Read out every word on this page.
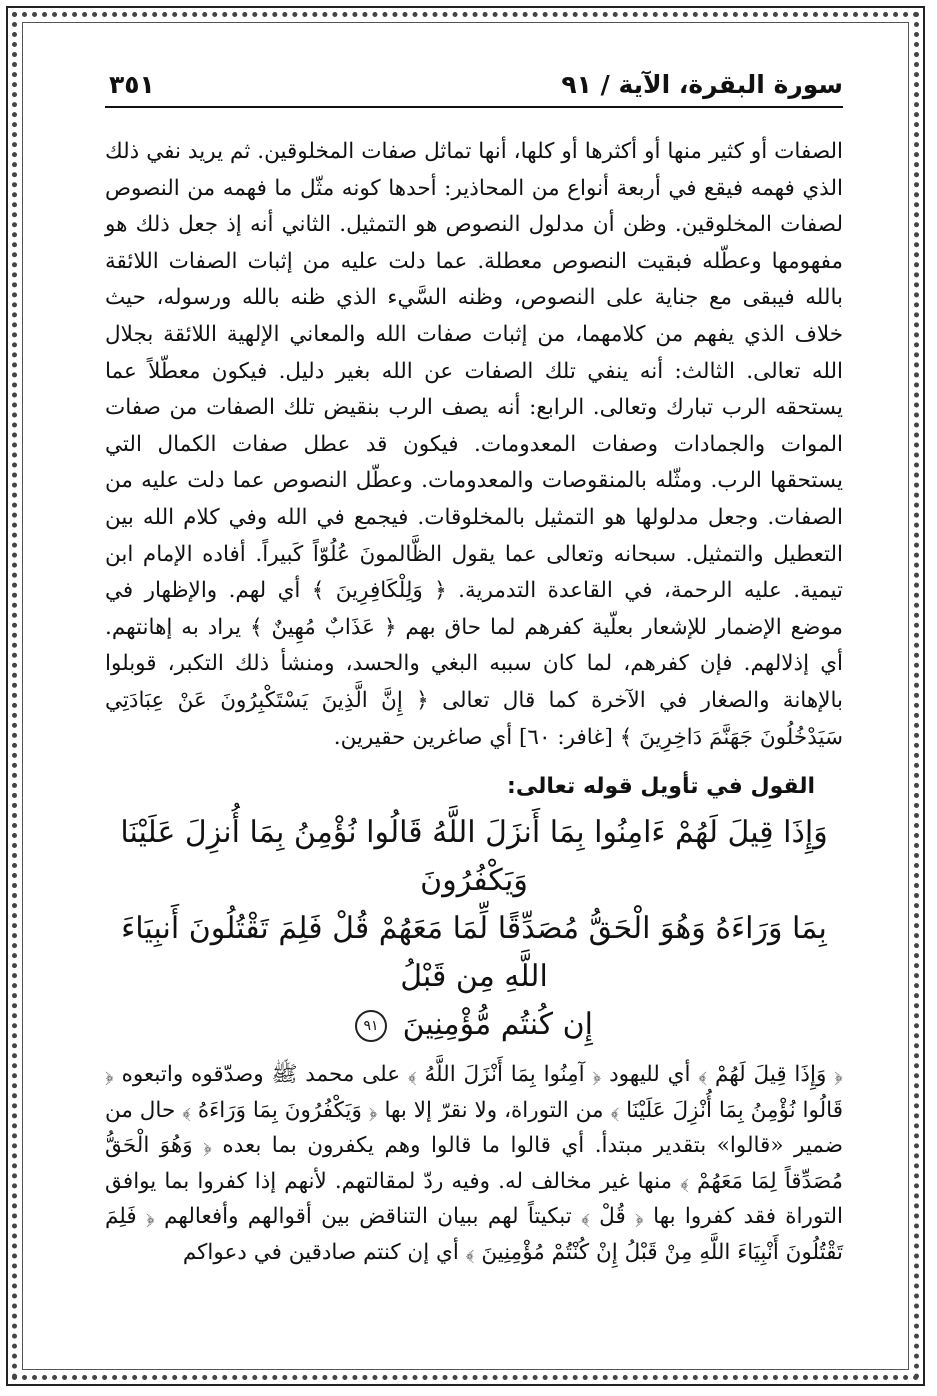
سورة البقرة، الآية / ٩١
٣٥١

الصفات أو كثير منها أو أكثرها أو كلها، أنها تماثل صفات المخلوقين. ثم يريد نفي ذلك الذي فهمه فيقع في أربعة أنواع من المحاذير: أحدها كونه مثّل ما فهمه من النصوص لصفات المخلوقين. وظن أن مدلول النصوص هو التمثيل. الثاني أنه إذ جعل ذلك هو مفهومها وعطّله فبقيت النصوص معطلة. عما دلت عليه من إثبات الصفات اللائقة بالله فيبقى مع جناية على النصوص، وظنه السَّيء الذي ظنه بالله ورسوله، حيث خلاف الذي يفهم من كلامهما، من إثبات صفات الله والمعاني الإلهية اللائقة بجلال الله تعالى. الثالث: أنه ينفي تلك الصفات عن الله بغير دليل. فيكون معطّلاً عما يستحقه الرب تبارك وتعالى. الرابع: أنه يصف الرب بنقيض تلك الصفات من صفات الموات والجمادات وصفات المعدومات. فيكون قد عطل صفات الكمال التي يستحقها الرب. ومثّله بالمنقوصات والمعدومات. وعطّل النصوص عما دلت عليه من الصفات. وجعل مدلولها هو التمثيل بالمخلوقات. فيجمع في الله وفي كلام الله بين التعطيل والتمثيل. سبحانه وتعالى عما يقول الظَّالمونَ عُلُوّاً كَبيراً. أفاده الإمام ابن تيمية. عليه الرحمة، في القاعدة التدمرية. ﴿ وَلِلْكَافِرِينَ ﴾ أي لهم. والإظهار في موضع الإضمار للإشعار بعلّية كفرهم لما حاق بهم ﴿ عَذَابٌ مُهِينٌ ﴾ يراد به إهانتهم. أي إذلالهم. فإن كفرهم، لما كان سببه البغي والحسد، ومنشأ ذلك التكبر، قوبلوا بالإهانة والصغار في الآخرة كما قال تعالى ﴿ إِنَّ الَّذِينَ يَسْتَكْبِرُونَ عَنْ عِبَادَتِي سَيَدْخُلُونَ جَهَنَّمَ دَاخِرِينَ ﴾ [غافر: ٦٠] أي صاغرين حقيرين.

القول في تأويل قوله تعالى:
وَإِذَا قِيلَ لَهُمْ ءَامِنُوا بِمَا أَنزَلَ اللَّهُ قَالُوا نُؤْمِنُ بِمَا أُنزِلَ عَلَيْنَا وَيَكْفُرُونَ
بِمَا وَرَاءَهُ وَهُوَ الْحَقُّ مُصَدِّقًا لِّمَا مَعَهُمْ قُلْ فَلِمَ تَقْتُلُونَ أَنبِيَاءَ اللَّهِ مِن قَبْلُ
إِن كُنتُم مُّؤْمِنِينَ ٩١

﴿ وَإِذَا قِيلَ لَهُمْ ﴾ أي لليهود ﴿ آمِنُوا بِمَا أَنْزَلَ اللَّهُ ﴾ على محمد ﷺ وصدّقوه واتبعوه ﴿ قَالُوا نُؤْمِنُ بِمَا أُنْزِلَ عَلَيْنَا ﴾ من التوراة، ولا نقرّ إلا بها ﴿ وَيَكْفُرُونَ بِمَا وَرَاءَهُ ﴾ حال من ضمير «قالوا» بتقدير مبتدأ. أي قالوا ما قالوا وهم يكفرون بما بعده ﴿ وَهُوَ الْحَقُّ مُصَدِّقاً لِمَا مَعَهُمْ ﴾ منها غير مخالف له. وفيه ردّ لمقالتهم. لأنهم إذا كفروا بما يوافق التوراة فقد كفروا بها ﴿ قُلْ ﴾ تبكيتاً لهم ببيان التناقض بين أقوالهم وأفعالهم ﴿ فَلِمَ تَقْتُلُونَ أَنْبِيَاءَ اللَّهِ مِنْ قَبْلُ إِنْ كُنْتُمْ مُؤْمِنِينَ ﴾ أي إن كنتم صادقين في دعواكم
